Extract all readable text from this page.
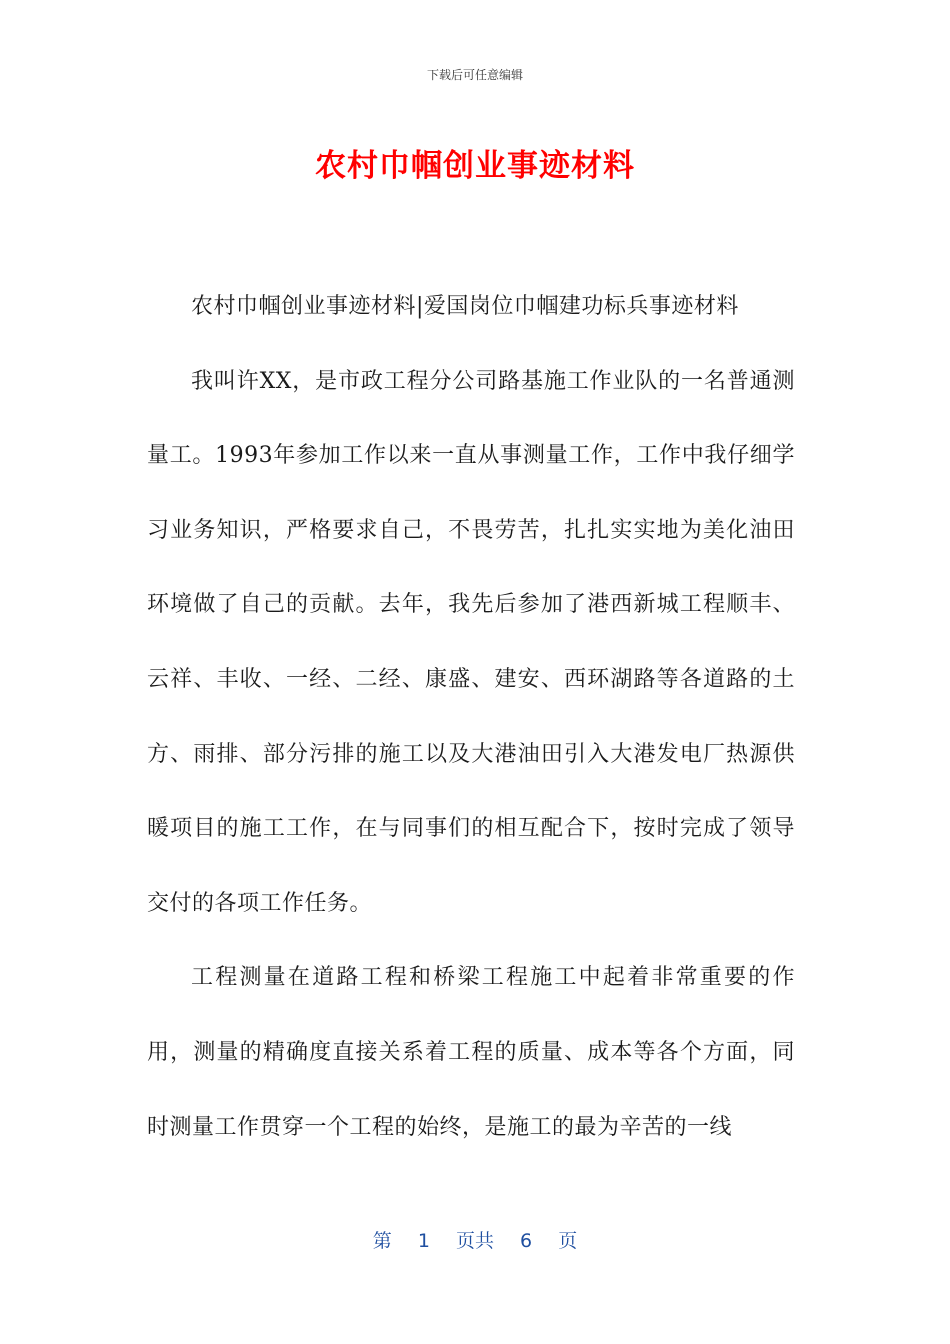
下载后可任意编辑
农村巾帼创业事迹材料

农村巾帼创业事迹材料|爱国岗位巾帼建功标兵事迹材料

我叫许XX，是市政工程分公司路基施工作业队的一名普通测量工。1993年参加工作以来一直从事测量工作，工作中我仔细学习业务知识，严格要求自己，不畏劳苦，扎扎实实地为美化油田环境做了自己的贡献。去年，我先后参加了港西新城工程顺丰、云祥、丰收、一经、二经、康盛、建安、西环湖路等各道路的土方、雨排、部分污排的施工以及大港油田引入大港发电厂热源供暖项目的施工工作，在与同事们的相互配合下，按时完成了领导交付的各项工作任务。

工程测量在道路工程和桥梁工程施工中起着非常重要的作用，测量的精确度直接关系着工程的质量、成本等各个方面，同时测量工作贯穿一个工程的始终，是施工的最为辛苦的一线

第 1 页共 6 页
